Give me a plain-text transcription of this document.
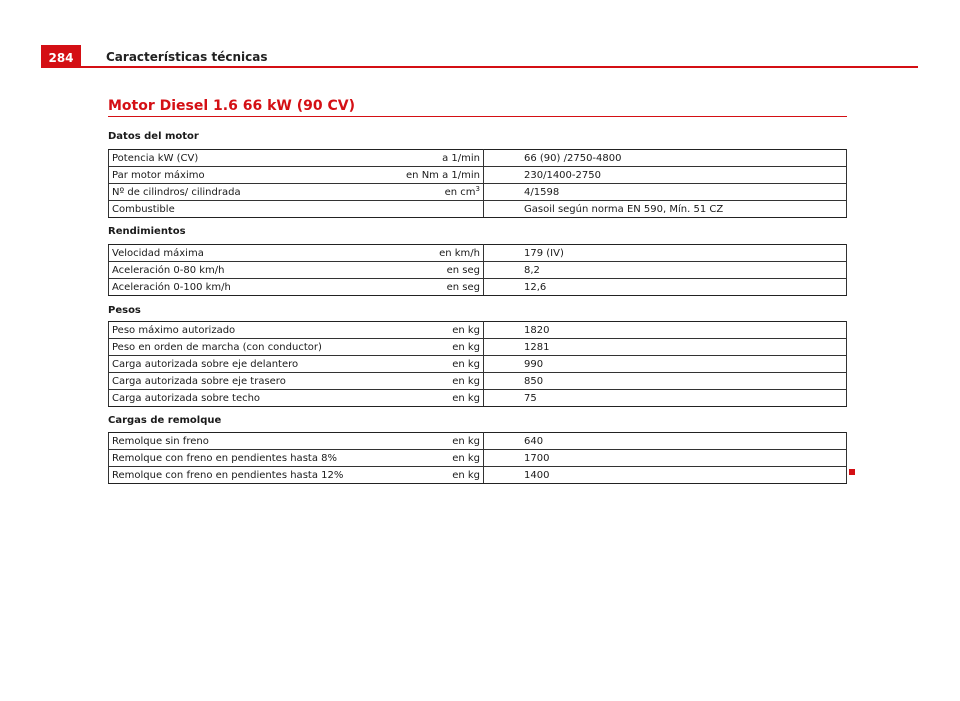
284	Características técnicas
Motor Diesel 1.6 66 kW (90 CV)
Datos del motor
Potencia kW (CV)	a 1/min	66 (90) /2750-4800
Par motor máximo	en Nm a 1/min	230/1400-2750
Nº de cilindros/ cilindrada	en $cm^3$	4/1598
Combustible		Gasoil según norma EN 590, Mín. 51 CZ
Rendimientos
Velocidad máxima	en km/h	179 (IV)
Aceleración 0-80 km/h	en seg	8,2
Aceleración 0-100 km/h	en seg	12,6
Pesos
Peso máximo autorizado	en kg	1820
Peso en orden de marcha (con conductor)	en kg	1281
Carga autorizada sobre eje delantero	en kg	990
Carga autorizada sobre eje trasero	en kg	850
Carga autorizada sobre techo	en kg	75
Cargas de remolque
Remolque sin freno	en kg	640
Remolque con freno en pendientes hasta 8%	en kg	1700
Remolque con freno en pendientes hasta 12%	en kg	1400
